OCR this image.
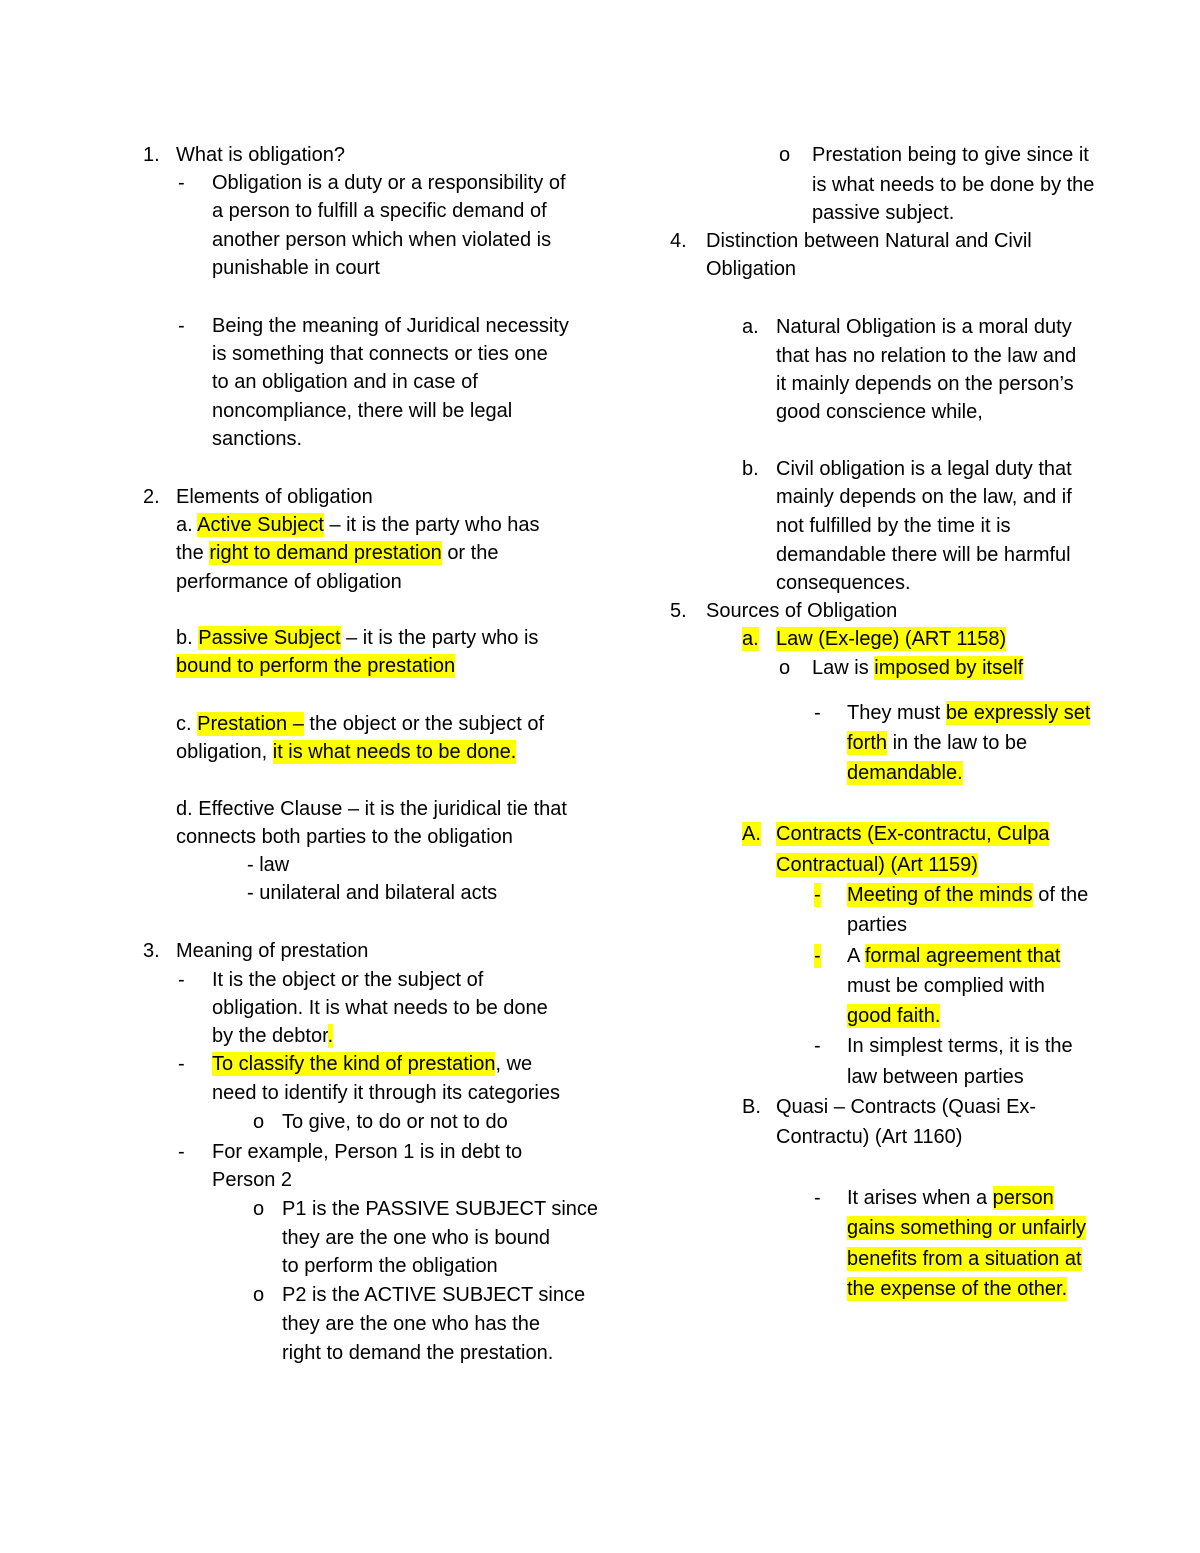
1. What is obligation?
- Obligation is a duty or a responsibility of
a person to fulfill a specific demand of
another person which when violated is
punishable in court
- Being the meaning of Juridical necessity
is something that connects or ties one
to an obligation and in case of
noncompliance, there will be legal
sanctions.
2. Elements of obligation
a. Active Subject – it is the party who has
the right to demand prestation or the
performance of obligation
b. Passive Subject – it is the party who is
bound to perform the prestation
c. Prestation – the object or the subject of
obligation, it is what needs to be done.
d. Effective Clause – it is the juridical tie that
connects both parties to the obligation
- law
- unilateral and bilateral acts
3. Meaning of prestation
- It is the object or the subject of
obligation. It is what needs to be done
by the debtor.
- To classify the kind of prestation, we
need to identify it through its categories
o To give, to do or not to do
- For example, Person 1 is in debt to
Person 2
o P1 is the PASSIVE SUBJECT since
they are the one who is bound
to perform the obligation
o P2 is the ACTIVE SUBJECT since
they are the one who has the
right to demand the prestation.
o Prestation being to give since it
is what needs to be done by the
passive subject.
4. Distinction between Natural and Civil
Obligation
a. Natural Obligation is a moral duty
that has no relation to the law and
it mainly depends on the person’s
good conscience while,
b. Civil obligation is a legal duty that
mainly depends on the law, and if
not fulfilled by the time it is
demandable there will be harmful
consequences.
5. Sources of Obligation
a. Law (Ex-lege) (ART 1158)
o Law is imposed by itself
- They must be expressly set
forth in the law to be
demandable.
A. Contracts (Ex-contractu, Culpa
Contractual) (Art 1159)
- Meeting of the minds of the
parties
- A formal agreement that
must be complied with
good faith.
- In simplest terms, it is the
law between parties
B. Quasi – Contracts (Quasi Ex-
Contractu) (Art 1160)
- It arises when a person
gains something or unfairly
benefits from a situation at
the expense of the other.
